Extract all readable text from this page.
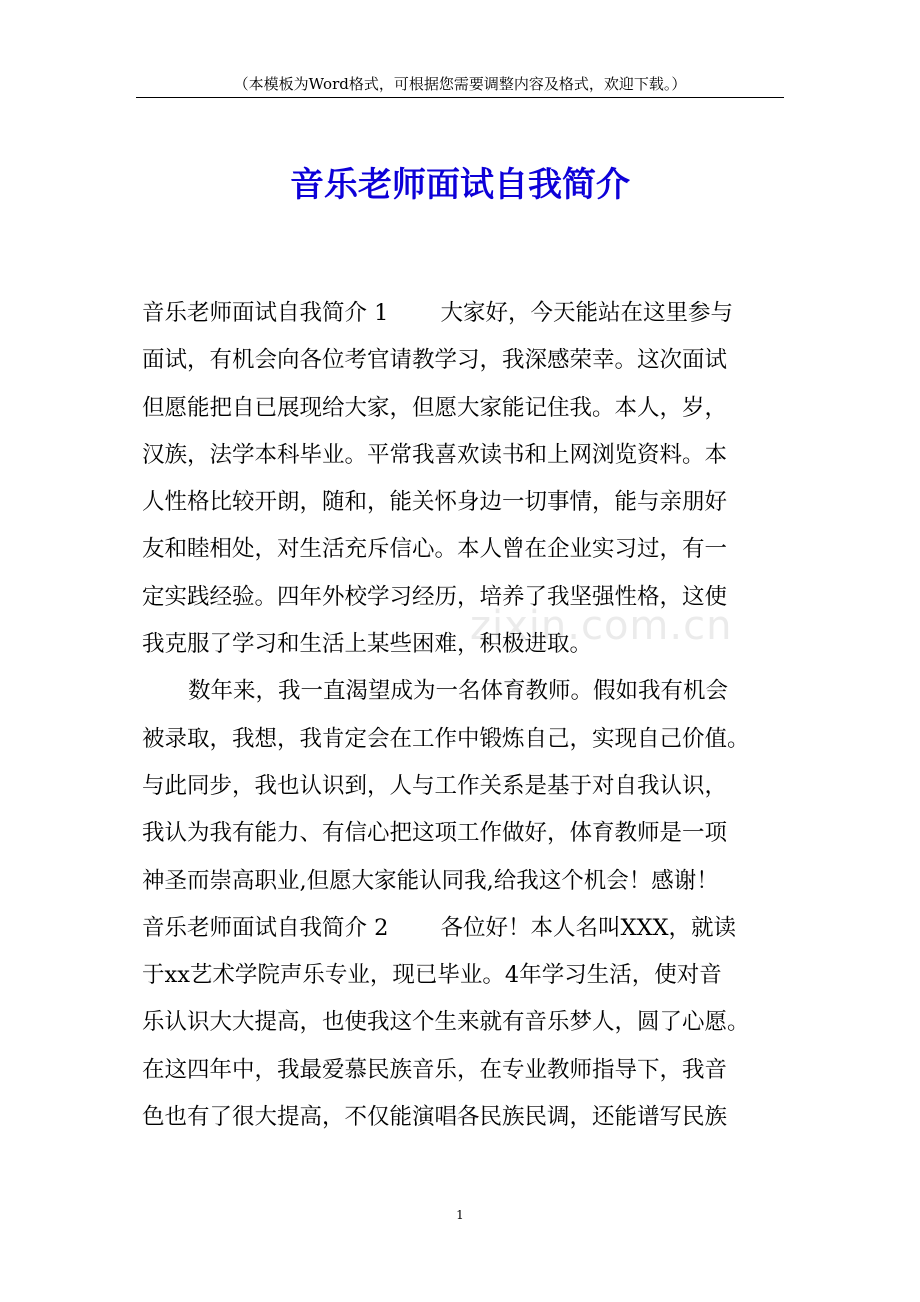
（本模板为Word格式，可根据您需要调整内容及格式，欢迎下载。）
音乐老师面试自我简介
zixin.com.cn
音乐老师面试自我简介 1 大家好，今天能站在这里参与
面试，有机会向各位考官请教学习，我深感荣幸。这次面试
但愿能把自已展现给大家，但愿大家能记住我。本人，岁，
汉族，法学本科毕业。平常我喜欢读书和上网浏览资料。本
人性格比较开朗，随和，能关怀身边一切事情，能与亲朋好
友和睦相处，对生活充斥信心。本人曾在企业实习过，有一
定实践经验。四年外校学习经历，培养了我坚强性格，这使
我克服了学习和生活上某些困难，积极进取。
数年来，我一直渴望成为一名体育教师。假如我有机会
被录取，我想，我肯定会在工作中锻炼自己，实现自己价值。
与此同步，我也认识到，人与工作关系是基于对自我认识，
我认为我有能力、有信心把这项工作做好，体育教师是一项
神圣而崇高职业,但愿大家能认同我,给我这个机会！感谢！
音乐老师面试自我简介 2 各位好！本人名叫XXX，就读
于xx艺术学院声乐专业，现已毕业。4年学习生活，使对音
乐认识大大提高，也使我这个生来就有音乐梦人，圆了心愿。
在这四年中，我最爱慕民族音乐，在专业教师指导下，我音
色也有了很大提高，不仅能演唱各民族民调，还能谱写民族
1
